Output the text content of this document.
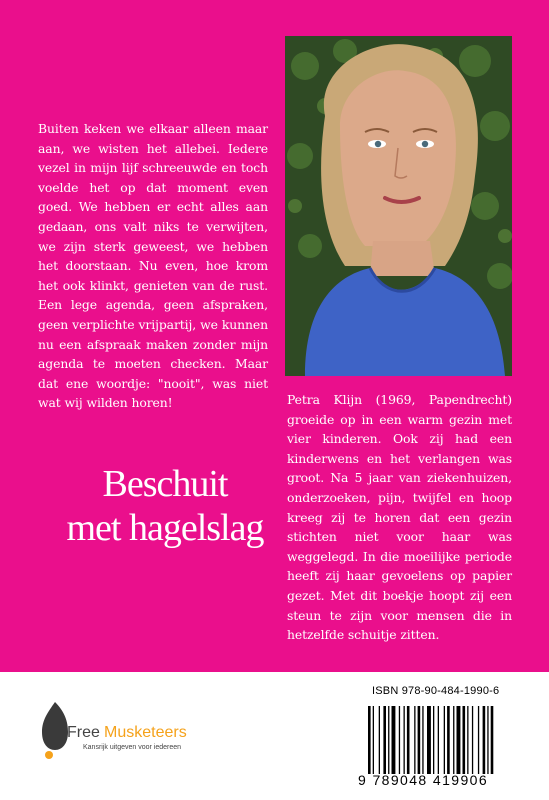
Buiten keken we elkaar alleen maar aan, we wisten het allebei. Iedere vezel in mijn lijf schreeuwde en toch voelde het op dat moment even goed. We hebben er echt alles aan gedaan, ons valt niks te verwijten, we zijn sterk geweest, we hebben het doorstaan. Nu even, hoe krom het ook klinkt, genieten van de rust. Een lege agenda, geen afspraken, geen verplichte vrijpartij, we kunnen nu een afspraak maken zonder mijn agenda te moeten checken. Maar dat ene woordje: "nooit", was niet wat wij wilden horen!

Beschuit
met hagelslag

Petra Klijn (1969, Papendrecht) groeide op in een warm gezin met vier kinderen. Ook zij had een kinderwens en het verlangen was groot. Na 5 jaar van ziekenhuizen, onderzoeken, pijn, twijfel en hoop kreeg zij te horen dat een gezin stichten niet voor haar was weggelegd. In die moeilijke periode heeft zij haar gevoelens op papier gezet. Met dit boekje hoopt zij een steun te zijn voor mensen die in hetzelfde schuitje zitten.

Free Musketeers
Kansrijk uitgeven voor iedereen
ISBN 978-90-484-1990-6
9 789048 419906
